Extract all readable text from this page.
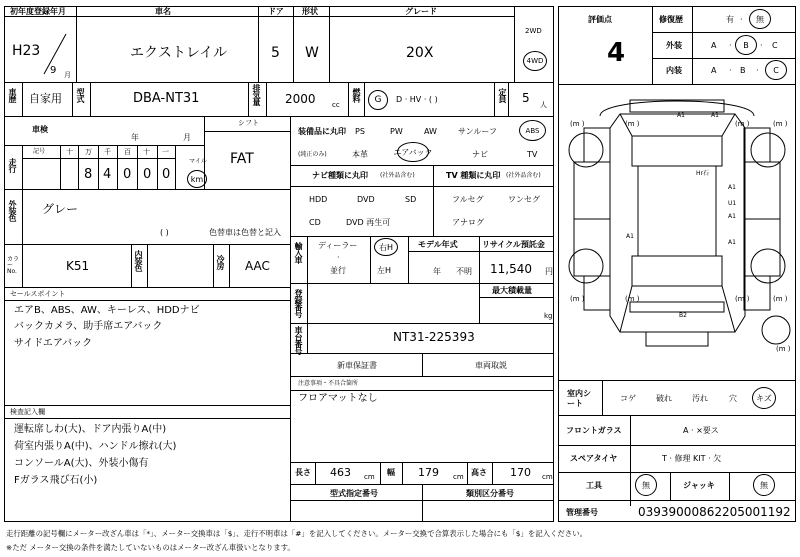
初年度登録年月	車名	ドア 形状	グレード
H23
9 月
エクストレイル	5 W	20X
2WD
4WD
車歴 自家用 型式	DBA-NT31	排気量 2000 cc
燃料 G D · HV · ( )	定員 5 人
車検
年	月
シフト
FAT
走行
記号	十 万 千 百 十 一
8 4 0 0 0
マイル
km
装備品に丸印
(純正のみ)
PS	PW	AW	サンルーフ	ABS
本革	エアバック	ナビ	TV
外装色 グレー
( )	色替車は色替と記入
ナビ種類に丸印 (社外品含む)
HDD	DVD	SD
CD	DVD 再生可
TV 種類に丸印 (社外品含む)
フルセグ	ワンセグ
アナログ
カラーNo.	K51	内装色	冷房 AAC
輸入車 ディーラー
·
並行
右H
左H
モデル年式
年 不明
リサイクル預託金
11,540 円
セールスポイント
エアB、ABS、AW、キーレス、HDDナビ
バックカメラ、助手席エアバック
サイドエアバック
登録番号	最大積載量
kg
車台番号	NT31-225393
新車保証書	車両取説
注意事項・不具合箇所
フロアマットなし
検査記入欄
運転席しわ(大)、ドア内張りA(中)
荷室内張りA(中)、ハンドル擦れ(大)
コンソールA(大)、外装小傷有
Fガラス飛び石(小)
長さ 463 cm 幅 179 cm 高さ 170 cm
型式指定番号	類別区分番号
評価点
4
修復歴	有 · 無
外装	A · B · C
内装	A · B · C
A1	A1
Hr石
A1
U1
A1
A1
A1
B2
(m )	(m )	(m )	(m )
(m )	(m )	(m )	(m )
(m )
室内シート
コゲ	破れ	汚れ	穴 キズ
フロントガラス	A · ×要ス
スペアタイヤ	T · 修理 KIT · 欠
工具	無	ジャッキ	無
管理番号	0393900086220500​1192
走行距離の記号欄にメーター改ざん車は「*」、メーター交換車は「$」、走行不明車は「#」を記入してください。メーター交換で合算表示した場合にも「$」を記入ください。
※ただ メーター交換の条件を満たしていないものはメーター改ざん車扱いとなります。
